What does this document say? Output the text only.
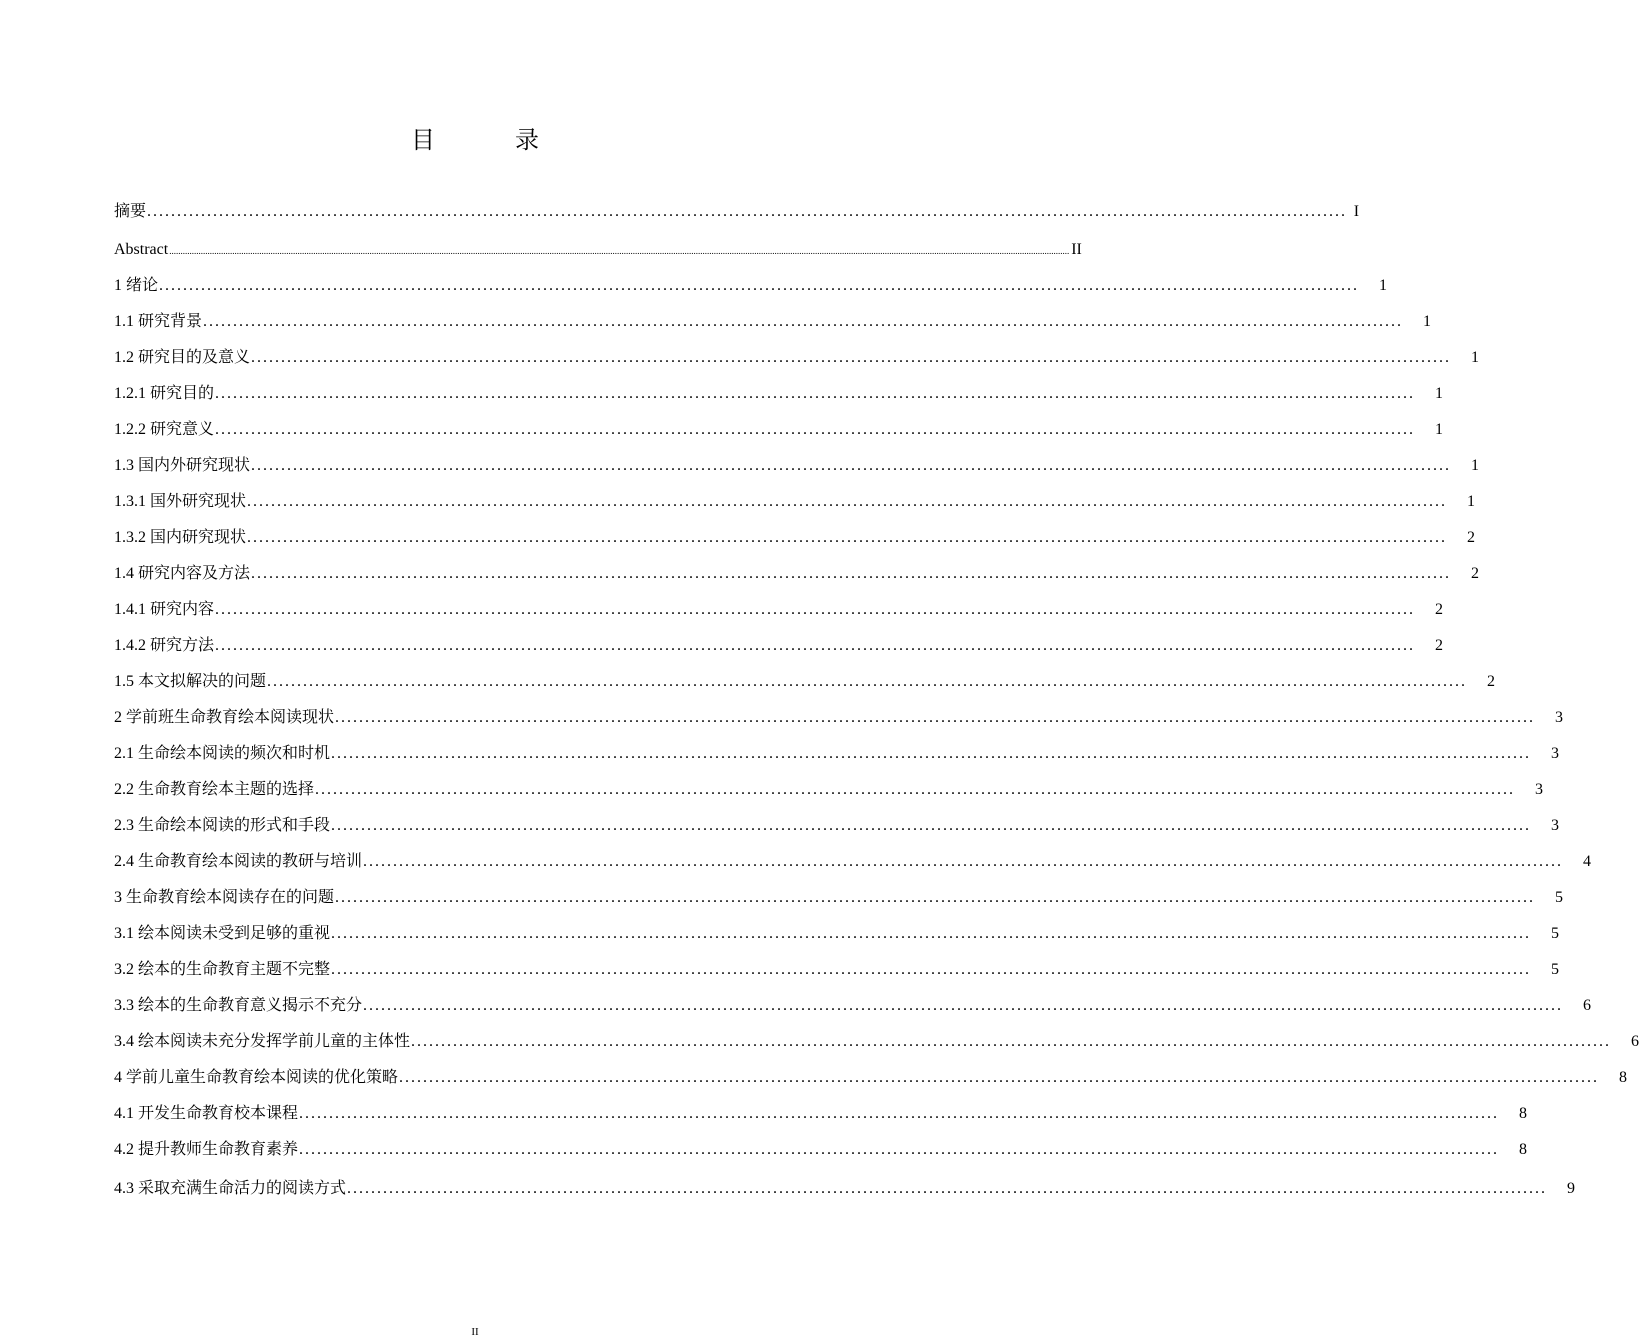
目　录
摘要 ........................................................................................................................................................................................................ I
Abstract ................................................................................................................................................................................................................................................................................................................................................................................................................ II
1 绪论 ........................................................................................................................................................................................................	1
1.1 研究背景 ........................................................................................................................................................................................................	1
1.2 研究目的及意义 ........................................................................................................................................................................................................	1
1.2.1 研究目的 ........................................................................................................................................................................................................	1
1.2.2 研究意义 ........................................................................................................................................................................................................	1
1.3 国内外研究现状 ........................................................................................................................................................................................................	1
1.3.1 国外研究现状 ........................................................................................................................................................................................................	1
1.3.2 国内研究现状 ........................................................................................................................................................................................................	2
1.4 研究内容及方法 ........................................................................................................................................................................................................	2
1.4.1 研究内容 ........................................................................................................................................................................................................	2
1.4.2 研究方法 ........................................................................................................................................................................................................	2
1.5 本文拟解决的问题 ........................................................................................................................................................................................................	2
2 学前班生命教育绘本阅读现状 ........................................................................................................................................................................................................	3
2.1 生命绘本阅读的频次和时机 ........................................................................................................................................................................................................	3
2.2 生命教育绘本主题的选择 ........................................................................................................................................................................................................	3
2.3 生命绘本阅读的形式和手段 ........................................................................................................................................................................................................	3
2.4 生命教育绘本阅读的教研与培训 ........................................................................................................................................................................................................	4
3 生命教育绘本阅读存在的问题 ........................................................................................................................................................................................................	5
3.1 绘本阅读未受到足够的重视 ........................................................................................................................................................................................................	5
3.2 绘本的生命教育主题不完整 ........................................................................................................................................................................................................	5
3.3 绘本的生命教育意义揭示不充分 ........................................................................................................................................................................................................	6
3.4 绘本阅读未充分发挥学前儿童的主体性 ........................................................................................................................................................................................................	6
4 学前儿童生命教育绘本阅读的优化策略 ........................................................................................................................................................................................................	8
4.1 开发生命教育校本课程 ........................................................................................................................................................................................................	8
4.2 提升教师生命教育素养 ........................................................................................................................................................................................................	8
4.3 采取充满生命活力的阅读方式 ........................................................................................................................................................................................................	9
II
